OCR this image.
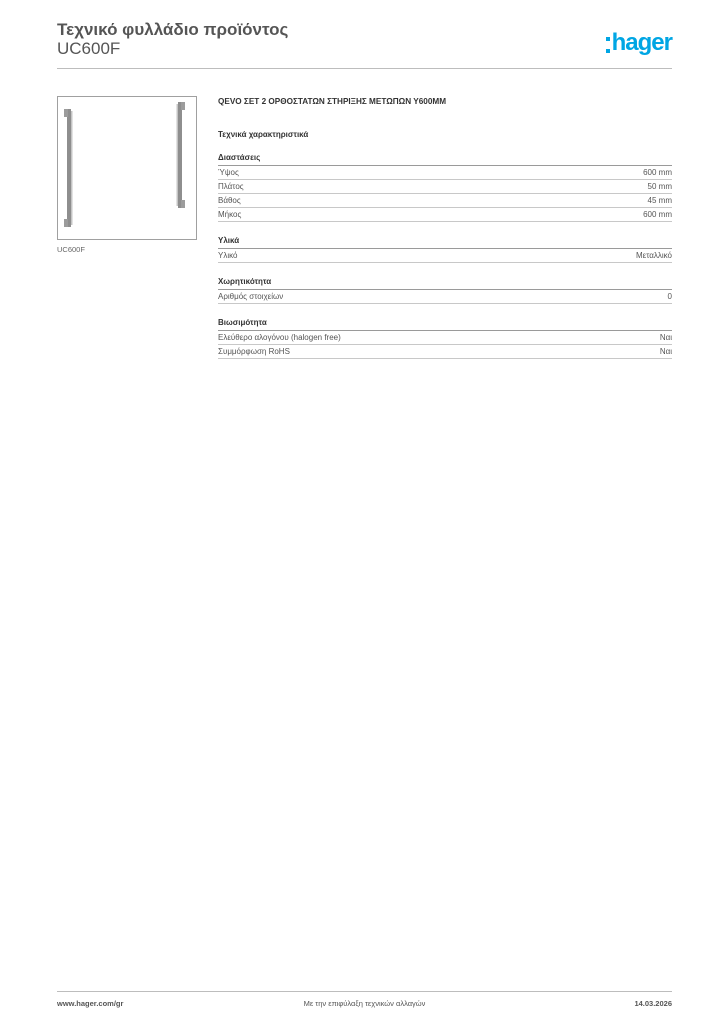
Τεχνικό φυλλάδιο προϊόντος
UC600F	hager
UC600F
QEVO ΣΕΤ 2 ΟΡΘΟΣΤΑΤΩΝ ΣΤΗΡΙΞΗΣ ΜΕΤΩΠΩΝ Υ600ΜΜ
Τεχνικά χαρακτηριστικά
Διαστάσεις
Ύψος	600 mm
Πλάτος	50 mm
Βάθος	45 mm
Μήκος	600 mm
Υλικά
Υλικό	Μεταλλικό
Χωρητικότητα
Αριθμός στοιχείων	0
Βιωσιμότητα
Ελεύθερο αλογόνου (halogen free)	Ναι
Συμμόρφωση RoHS	Ναι
www.hager.com/gr	Με την επιφύλαξη τεχνικών αλλαγών	14.03.2026
